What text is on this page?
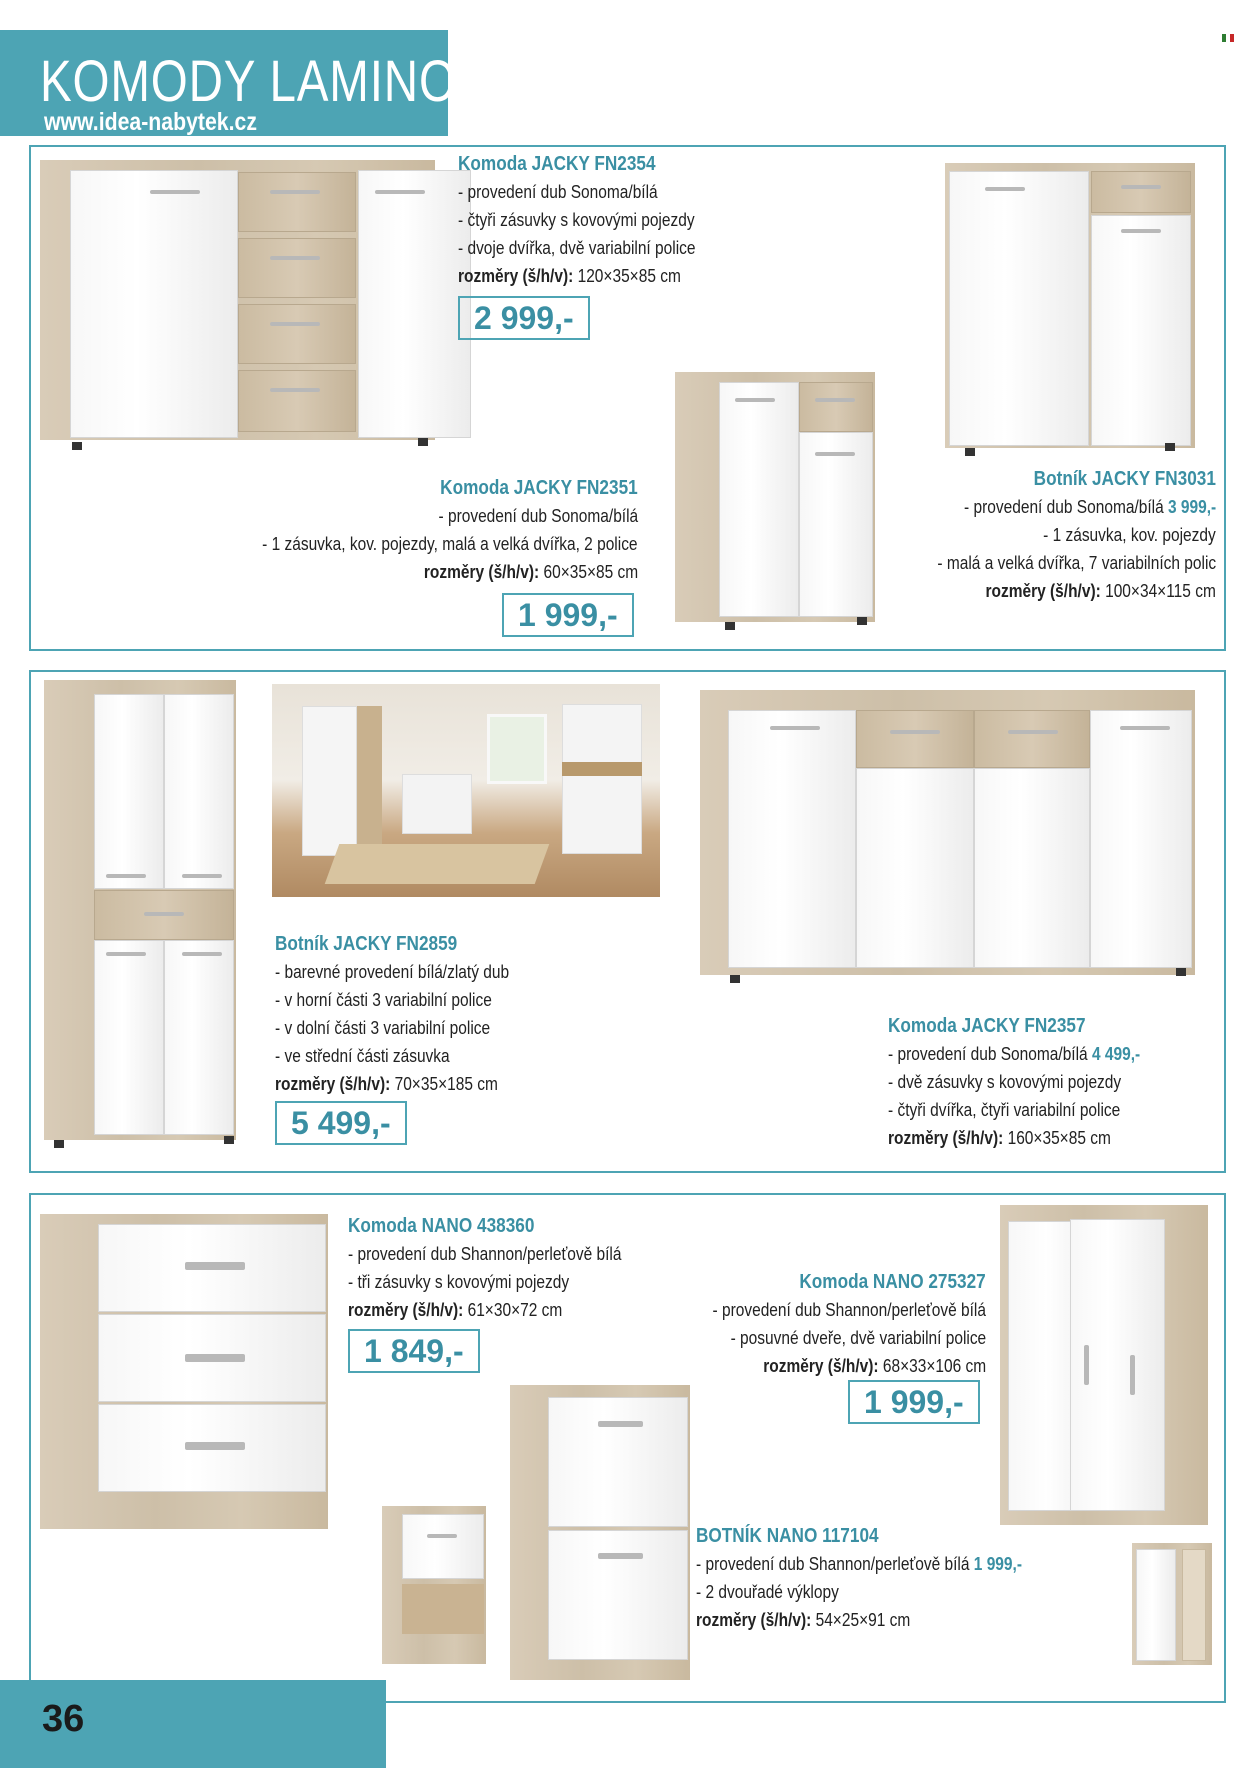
KOMODY LAMINO
www.idea-nabytek.cz
Komoda JACKY FN2354
- provedení dub Sonoma/bílá
- čtyři zásuvky s kovovými pojezdy
- dvoje dvířka, dvě variabilní police
rozměry (š/h/v): 120×35×85 cm
2 999,-
Komoda JACKY FN2351
- provedení dub Sonoma/bílá
- 1 zásuvka, kov. pojezdy, malá a velká dvířka, 2 police
rozměry (š/h/v): 60×35×85 cm
1 999,-
Botník JACKY FN3031
- provedení dub Sonoma/bílá 3 999,-
- 1 zásuvka, kov. pojezdy
- malá a velká dvířka, 7 variabilních polic
rozměry (š/h/v): 100×34×115 cm
Botník JACKY FN2859
- barevné provedení bílá/zlatý dub
- v horní části 3 variabilní police
- v dolní části 3 variabilní police
- ve střední části zásuvka
rozměry (š/h/v): 70×35×185 cm
5 499,-
Komoda JACKY FN2357
- provedení dub Sonoma/bílá 4 499,-
- dvě zásuvky s kovovými pojezdy
- čtyři dvířka, čtyři variabilní police
rozměry (š/h/v): 160×35×85 cm
Komoda NANO 438360
- provedení dub Shannon/perleťově bílá
- tři zásuvky s kovovými pojezdy
rozměry (š/h/v): 61×30×72 cm
1 849,-
Komoda NANO 275327
- provedení dub Shannon/perleťově bílá
- posuvné dveře, dvě variabilní police
rozměry (š/h/v): 68×33×106 cm
1 999,-
BOTNÍK NANO 117104
- provedení dub Shannon/perleťově bílá 1 999,-
- 2 dvouřadé výklopy
rozměry (š/h/v): 54×25×91 cm
36
